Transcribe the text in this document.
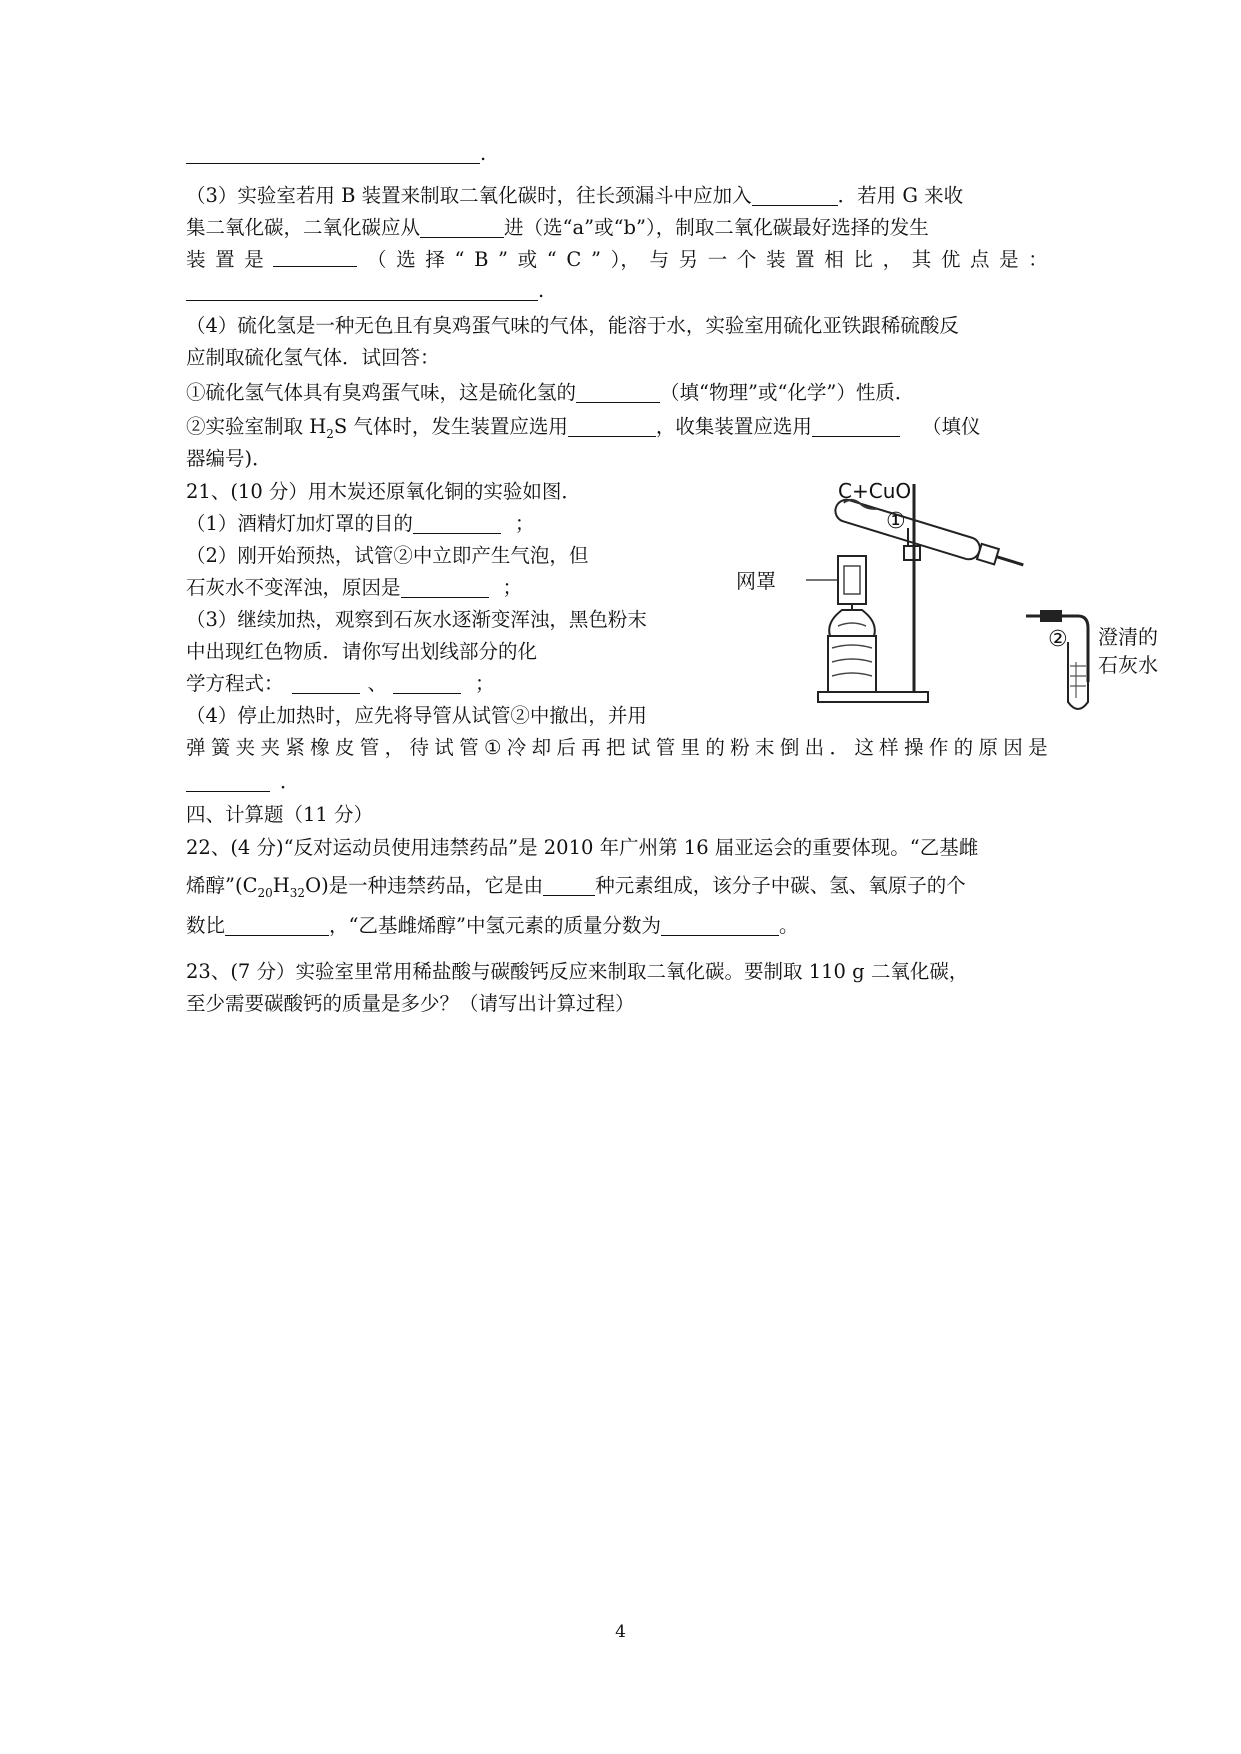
.
（3）实验室若用 B 装置来制取二氧化碳时，往长颈漏斗中应加入	．若用 G 来收
集二氧化碳，二氧化碳应从	进（选“a”或“b”），制取二氧化碳最好选择的发生
装 置 是	（ 选 择 “ B ” 或 “ C ” ）， 与 另 一 个 装 置 相 比 ， 其 优 点 是 ：
.
（4）硫化氢是一种无色且有臭鸡蛋气味的气体，能溶于水，实验室用硫化亚铁跟稀硫酸反
应制取硫化氢气体．试回答：
①硫化氢气体具有臭鸡蛋气味，这是硫化氢的	（填“物理”或“化学”）性质．
②实验室制取 $H_2S$ 气体时，发生装置应选用	，收集装置应选用	（填仪
器编号)．
21、(10 分）用木炭还原氧化铜的实验如图．
（1）酒精灯加灯罩的目的	；
（2）刚开始预热，试管②中立即产生气泡，但
石灰水不变浑浊，原因是	；
（3）继续加热，观察到石灰水逐渐变浑浊，黑色粉末
中出现红色物质．请你写出划线部分的化
学方程式：	、	；
（4）停止加热时，应先将导管从试管②中撤出，并用
弹 簧 夹 夹 紧 橡 皮 管 ， 待 试 管 ① 冷 却 后 再 把 试 管 里 的 粉 末 倒 出 ． 这 样 操 作 的 原 因 是
．
四、计算题（11 分）
22、(4 分)“反对运动员使用违禁药品”是 2010 年广州第 16 届亚运会的重要体现。“乙基雌
烯醇$”(C_{20}H_{32}O)$是一种违禁药品，它是由	种元素组成，该分子中碳、氢、氧原子的个
数比	，“乙基雌烯醇”中氢元素的质量分数为	。
23、(7 分）实验室里常用稀盐酸与碳酸钙反应来制取二氧化碳。要制取 110 g 二氧化碳，
至少需要碳酸钙的质量是多少？（请写出计算过程）
C+CuO
①
网罩
② 澄清的
石灰水
4
